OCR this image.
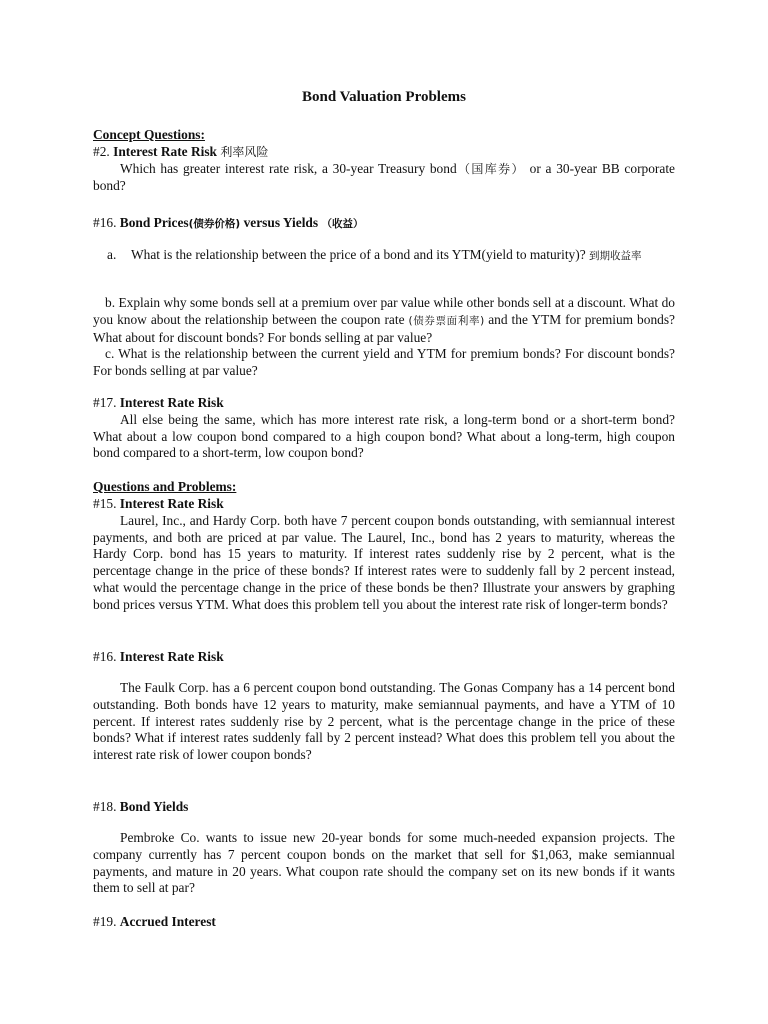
Bond Valuation Problems
Concept Questions:

#2. Interest Rate Risk 利率风险

Which has greater interest rate risk, a 30-year Treasury bond（国库券） or a 30-year BB corporate bond?

#16. Bond Prices(债券价格) versus Yields （收益）

a.	What is the relationship between the price of a bond and its YTM(yield to maturity)? 到期收益率

b. Explain why some bonds sell at a premium over par value while other bonds sell at a discount. What do you know about the relationship between the coupon rate (债券票面利率) and the YTM for premium bonds? What about for discount bonds? For bonds selling at par value?

c. What is the relationship between the current yield and YTM for premium bonds? For discount bonds? For bonds selling at par value?

#17. Interest Rate Risk

All else being the same, which has more interest rate risk, a long-term bond or a short-term bond? What about a low coupon bond compared to a high coupon bond? What about a long-term, high coupon bond compared to a short-term, low coupon bond?

Questions and Problems:

#15. Interest Rate Risk

Laurel, Inc., and Hardy Corp. both have 7 percent coupon bonds outstanding, with semiannual interest payments, and both are priced at par value. The Laurel, Inc., bond has 2 years to maturity, whereas the Hardy Corp. bond has 15 years to maturity. If interest rates suddenly rise by 2 percent, what is the percentage change in the price of these bonds? If interest rates were to suddenly fall by 2 percent instead, what would the percentage change in the price of these bonds be then? Illustrate your answers by graphing bond prices versus YTM. What does this problem tell you about the interest rate risk of longer-term bonds?

#16. Interest Rate Risk

The Faulk Corp. has a 6 percent coupon bond outstanding. The Gonas Company has a 14 percent bond outstanding. Both bonds have 12 years to maturity, make semiannual payments, and have a YTM of 10 percent. If interest rates suddenly rise by 2 percent, what is the percentage change in the price of these bonds? What if interest rates suddenly fall by 2 percent instead? What does this problem tell you about the interest rate risk of lower coupon bonds?

#18. Bond Yields

Pembroke Co. wants to issue new 20-year bonds for some much-needed expansion projects. The company currently has 7 percent coupon bonds on the market that sell for $1,063, make semiannual payments, and mature in 20 years. What coupon rate should the company set on its new bonds if it wants them to sell at par?

#19. Accrued Interest
